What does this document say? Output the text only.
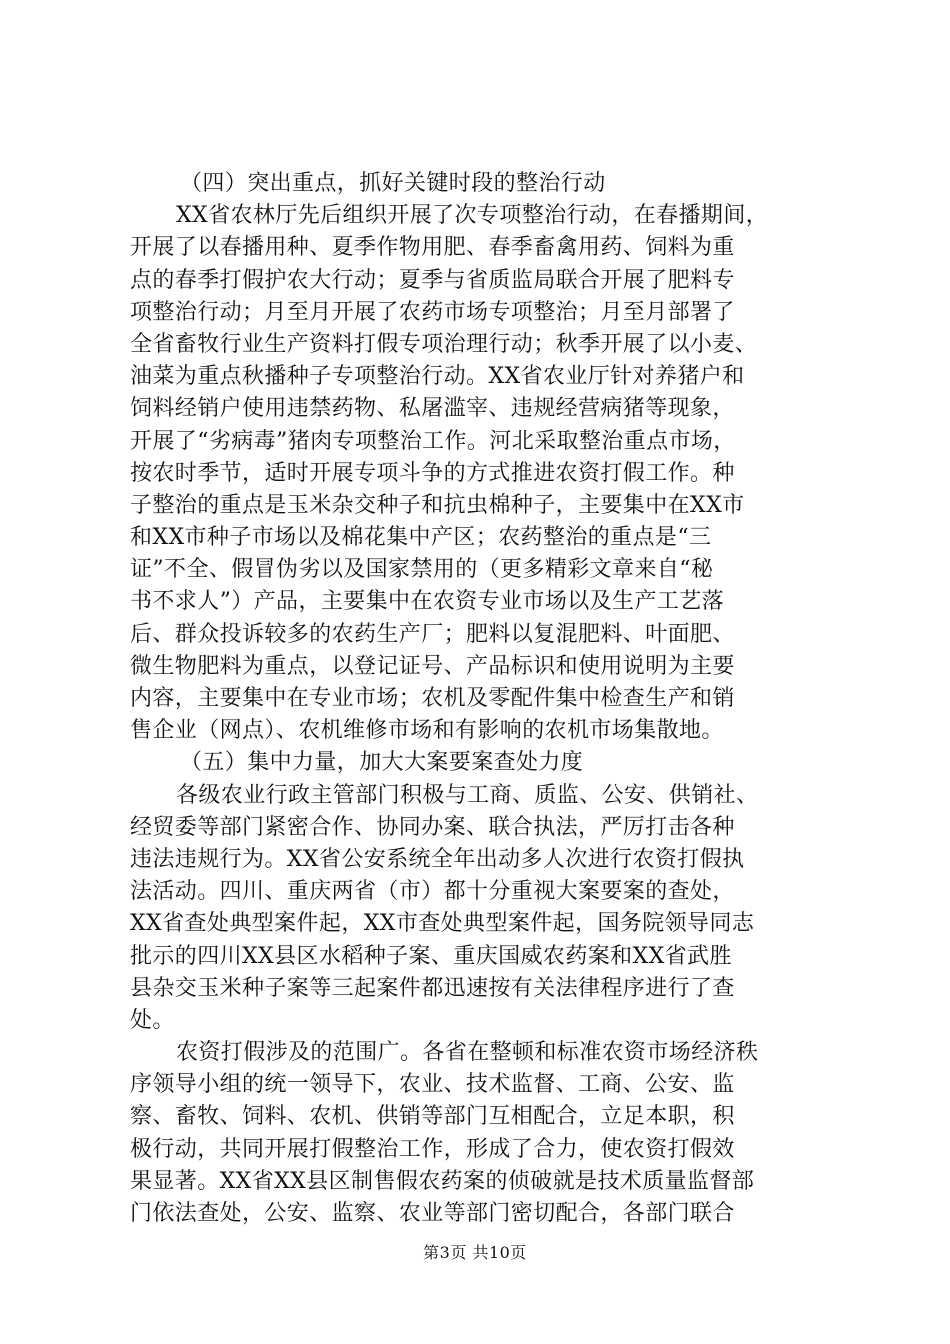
（四）突出重点，抓好关键时段的整治行动
XX省农林厅先后组织开展了次专项整治行动，在春播期间，
开展了以春播用种、夏季作物用肥、春季畜禽用药、饲料为重
点的春季打假护农大行动；夏季与省质监局联合开展了肥料专
项整治行动；月至月开展了农药市场专项整治；月至月部署了
全省畜牧行业生产资料打假专项治理行动；秋季开展了以小麦、
油菜为重点秋播种子专项整治行动。XX省农业厅针对养猪户和
饲料经销户使用违禁药物、私屠滥宰、违规经营病猪等现象，
开展了“劣病毒”猪肉专项整治工作。河北采取整治重点市场，
按农时季节，适时开展专项斗争的方式推进农资打假工作。种
子整治的重点是玉米杂交种子和抗虫棉种子，主要集中在XX市
和XX市种子市场以及棉花集中产区；农药整治的重点是“三
证”不全、假冒伪劣以及国家禁用的（更多精彩文章来自“秘
书不求人”）产品，主要集中在农资专业市场以及生产工艺落
后、群众投诉较多的农药生产厂；肥料以复混肥料、叶面肥、
微生物肥料为重点，以登记证号、产品标识和使用说明为主要
内容，主要集中在专业市场；农机及零配件集中检查生产和销
售企业（网点）、农机维修市场和有影响的农机市场集散地。
（五）集中力量，加大大案要案查处力度
各级农业行政主管部门积极与工商、质监、公安、供销社、
经贸委等部门紧密合作、协同办案、联合执法，严厉打击各种
违法违规行为。XX省公安系统全年出动多人次进行农资打假执
法活动。四川、重庆两省（市）都十分重视大案要案的查处，
XX省查处典型案件起，XX市查处典型案件起，国务院领导同志
批示的四川XX县区水稻种子案、重庆国威农药案和XX省武胜
县杂交玉米种子案等三起案件都迅速按有关法律程序进行了查
处。
农资打假涉及的范围广。各省在整顿和标准农资市场经济秩
序领导小组的统一领导下，农业、技术监督、工商、公安、监
察、畜牧、饲料、农机、供销等部门互相配合，立足本职，积
极行动，共同开展打假整治工作，形成了合力，使农资打假效
果显著。XX省XX县区制售假农药案的侦破就是技术质量监督部
门依法查处，公安、监察、农业等部门密切配合，各部门联合
第3页 共10页
